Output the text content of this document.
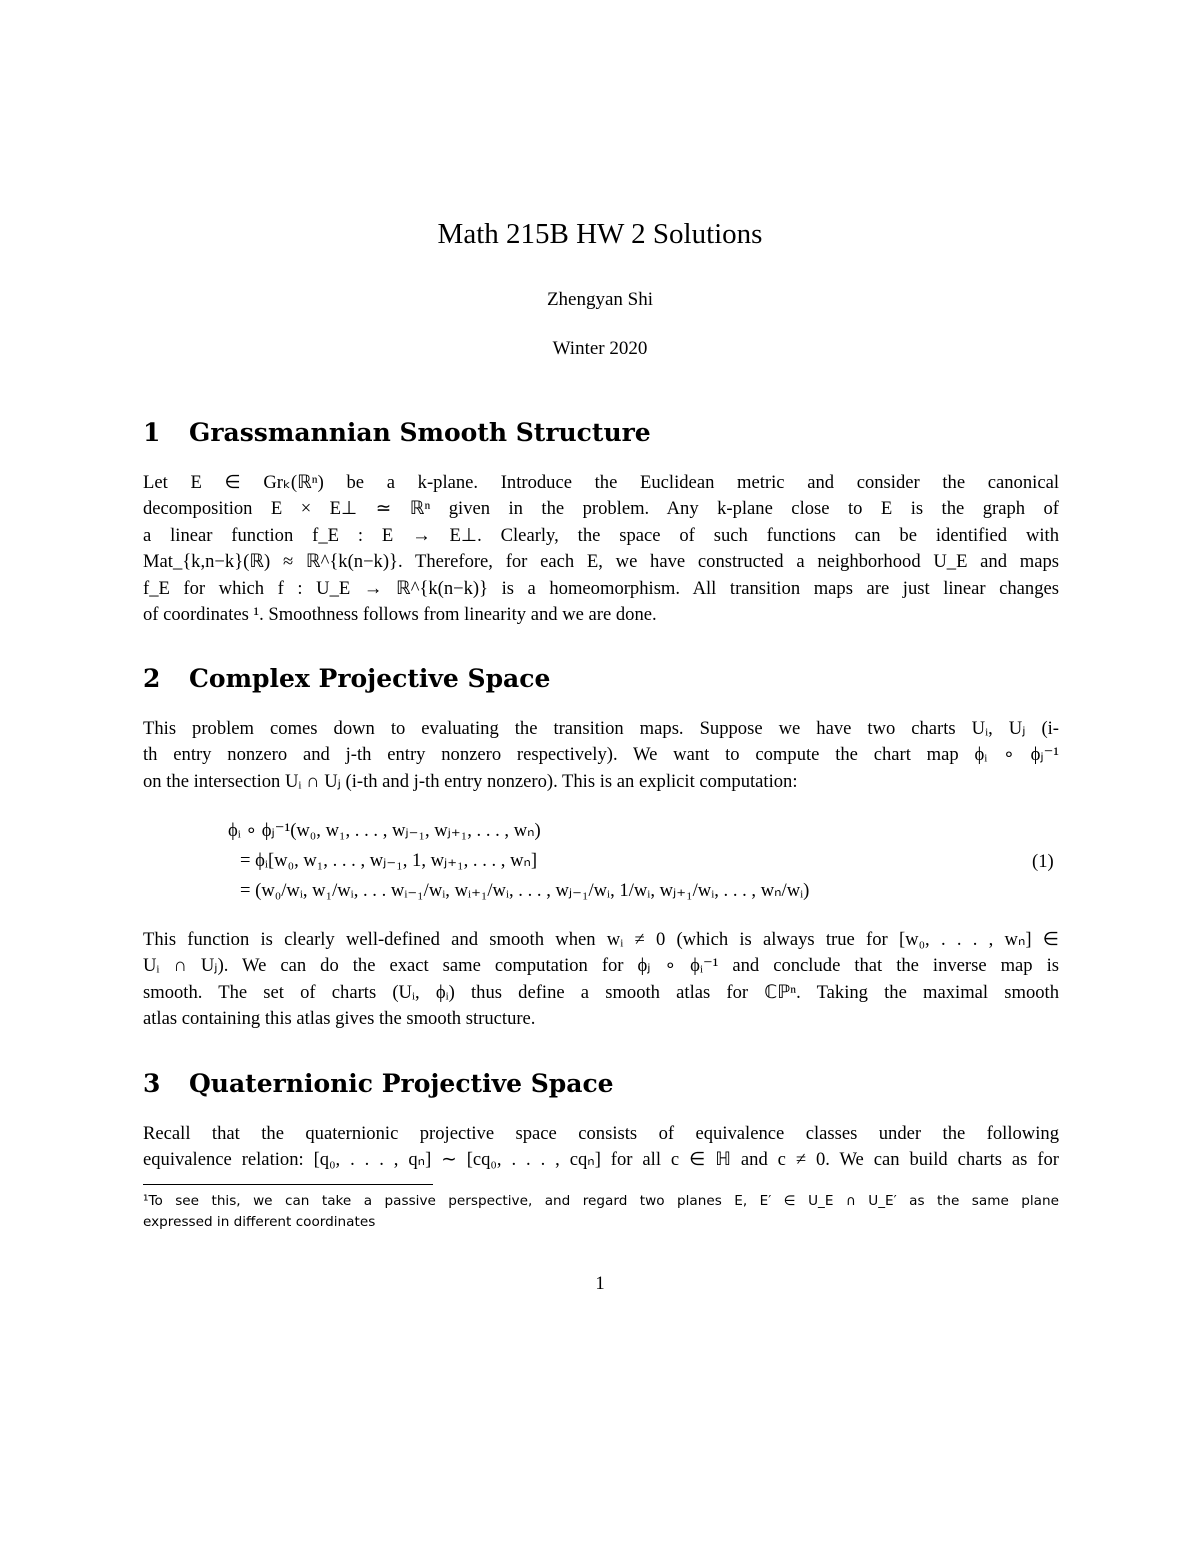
Math 215B HW 2 Solutions
Zhengyan Shi
Winter 2020
1 Grassmannian Smooth Structure
Let E ∈ Grₖ(ℝⁿ) be a k-plane. Introduce the Euclidean metric and consider the canonical
decomposition E × E⊥ ≃ ℝⁿ given in the problem. Any k-plane close to E is the graph of
a linear function f_E : E → E⊥. Clearly, the space of such functions can be identified with
Mat_{k,n−k}(ℝ) ≈ ℝ^{k(n−k)}. Therefore, for each E, we have constructed a neighborhood U_E and maps
f_E for which f : U_E → ℝ^{k(n−k)} is a homeomorphism. All transition maps are just linear changes
of coordinates ¹. Smoothness follows from linearity and we are done.
2 Complex Projective Space
This problem comes down to evaluating the transition maps. Suppose we have two charts Uᵢ, Uⱼ (i-
th entry nonzero and j-th entry nonzero respectively). We want to compute the chart map ϕᵢ ∘ ϕⱼ⁻¹
on the intersection Uᵢ ∩ Uⱼ (i-th and j-th entry nonzero). This is an explicit computation:
ϕᵢ ∘ ϕⱼ⁻¹(w₀, w₁, . . . , wⱼ₋₁, wⱼ₊₁, . . . , wₙ)
= ϕᵢ[w₀, w₁, . . . , wⱼ₋₁, 1, wⱼ₊₁, . . . , wₙ]
= (w₀/wᵢ, w₁/wᵢ, . . . wᵢ₋₁/wᵢ, wᵢ₊₁/wᵢ, . . . , wⱼ₋₁/wᵢ, 1/wᵢ, wⱼ₊₁/wᵢ, . . . , wₙ/wᵢ)
(1)
This function is clearly well-defined and smooth when wᵢ ≠ 0 (which is always true for [w₀, . . . , wₙ] ∈
Uᵢ ∩ Uⱼ). We can do the exact same computation for ϕⱼ ∘ ϕᵢ⁻¹ and conclude that the inverse map is
smooth. The set of charts (Uᵢ, ϕᵢ) thus define a smooth atlas for ℂℙⁿ. Taking the maximal smooth
atlas containing this atlas gives the smooth structure.
3 Quaternionic Projective Space
Recall that the quaternionic projective space consists of equivalence classes under the following
equivalence relation: [q₀, . . . , qₙ] ∼ [cq₀, . . . , cqₙ] for all c ∈ ℍ and c ≠ 0. We can build charts as for
¹To see this, we can take a passive perspective, and regard two planes E, E′ ∈ U_E ∩ U_E′ as the same plane
expressed in different coordinates
1
